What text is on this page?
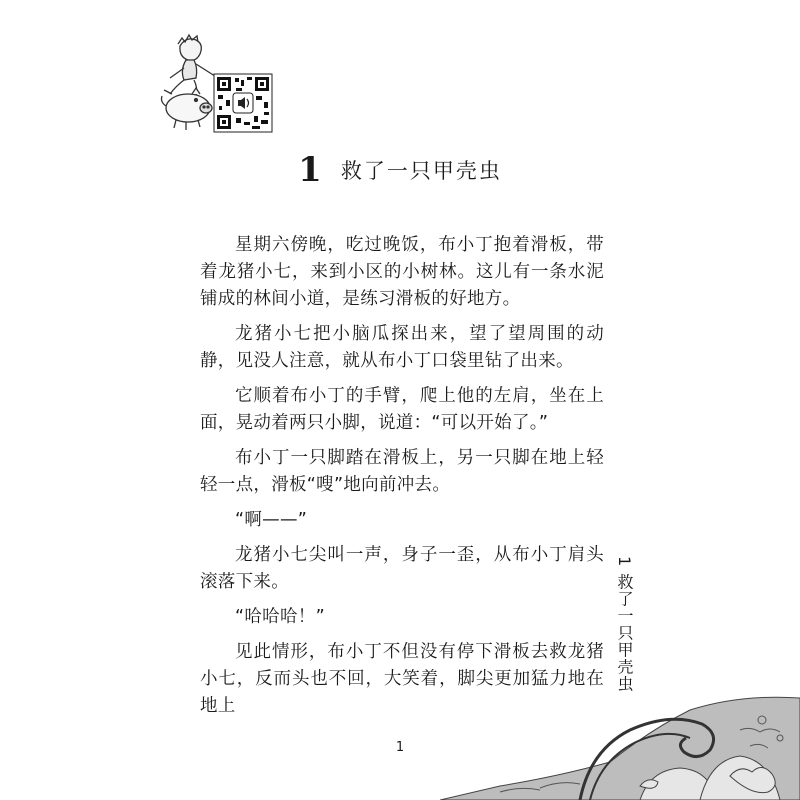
1 救了一只甲壳虫

星期六傍晚，吃过晚饭，布小丁抱着滑板，带着龙猪小七，来到小区的小树林。这儿有一条水泥铺成的林间小道，是练习滑板的好地方。

龙猪小七把小脑瓜探出来，望了望周围的动静，见没人注意，就从布小丁口袋里钻了出来。

它顺着布小丁的手臂，爬上他的左肩，坐在上面，晃动着两只小脚，说道：“可以开始了。”

布小丁一只脚踏在滑板上，另一只脚在地上轻轻一点，滑板“嗖”地向前冲去。

“啊——”

龙猪小七尖叫一声，身子一歪，从布小丁肩头滚落下来。

“哈哈哈！”

见此情形，布小丁不但没有停下滑板去救龙猪小七，反而头也不回，大笑着，脚尖更加猛力地在地上

1 救了一只甲壳虫
1
